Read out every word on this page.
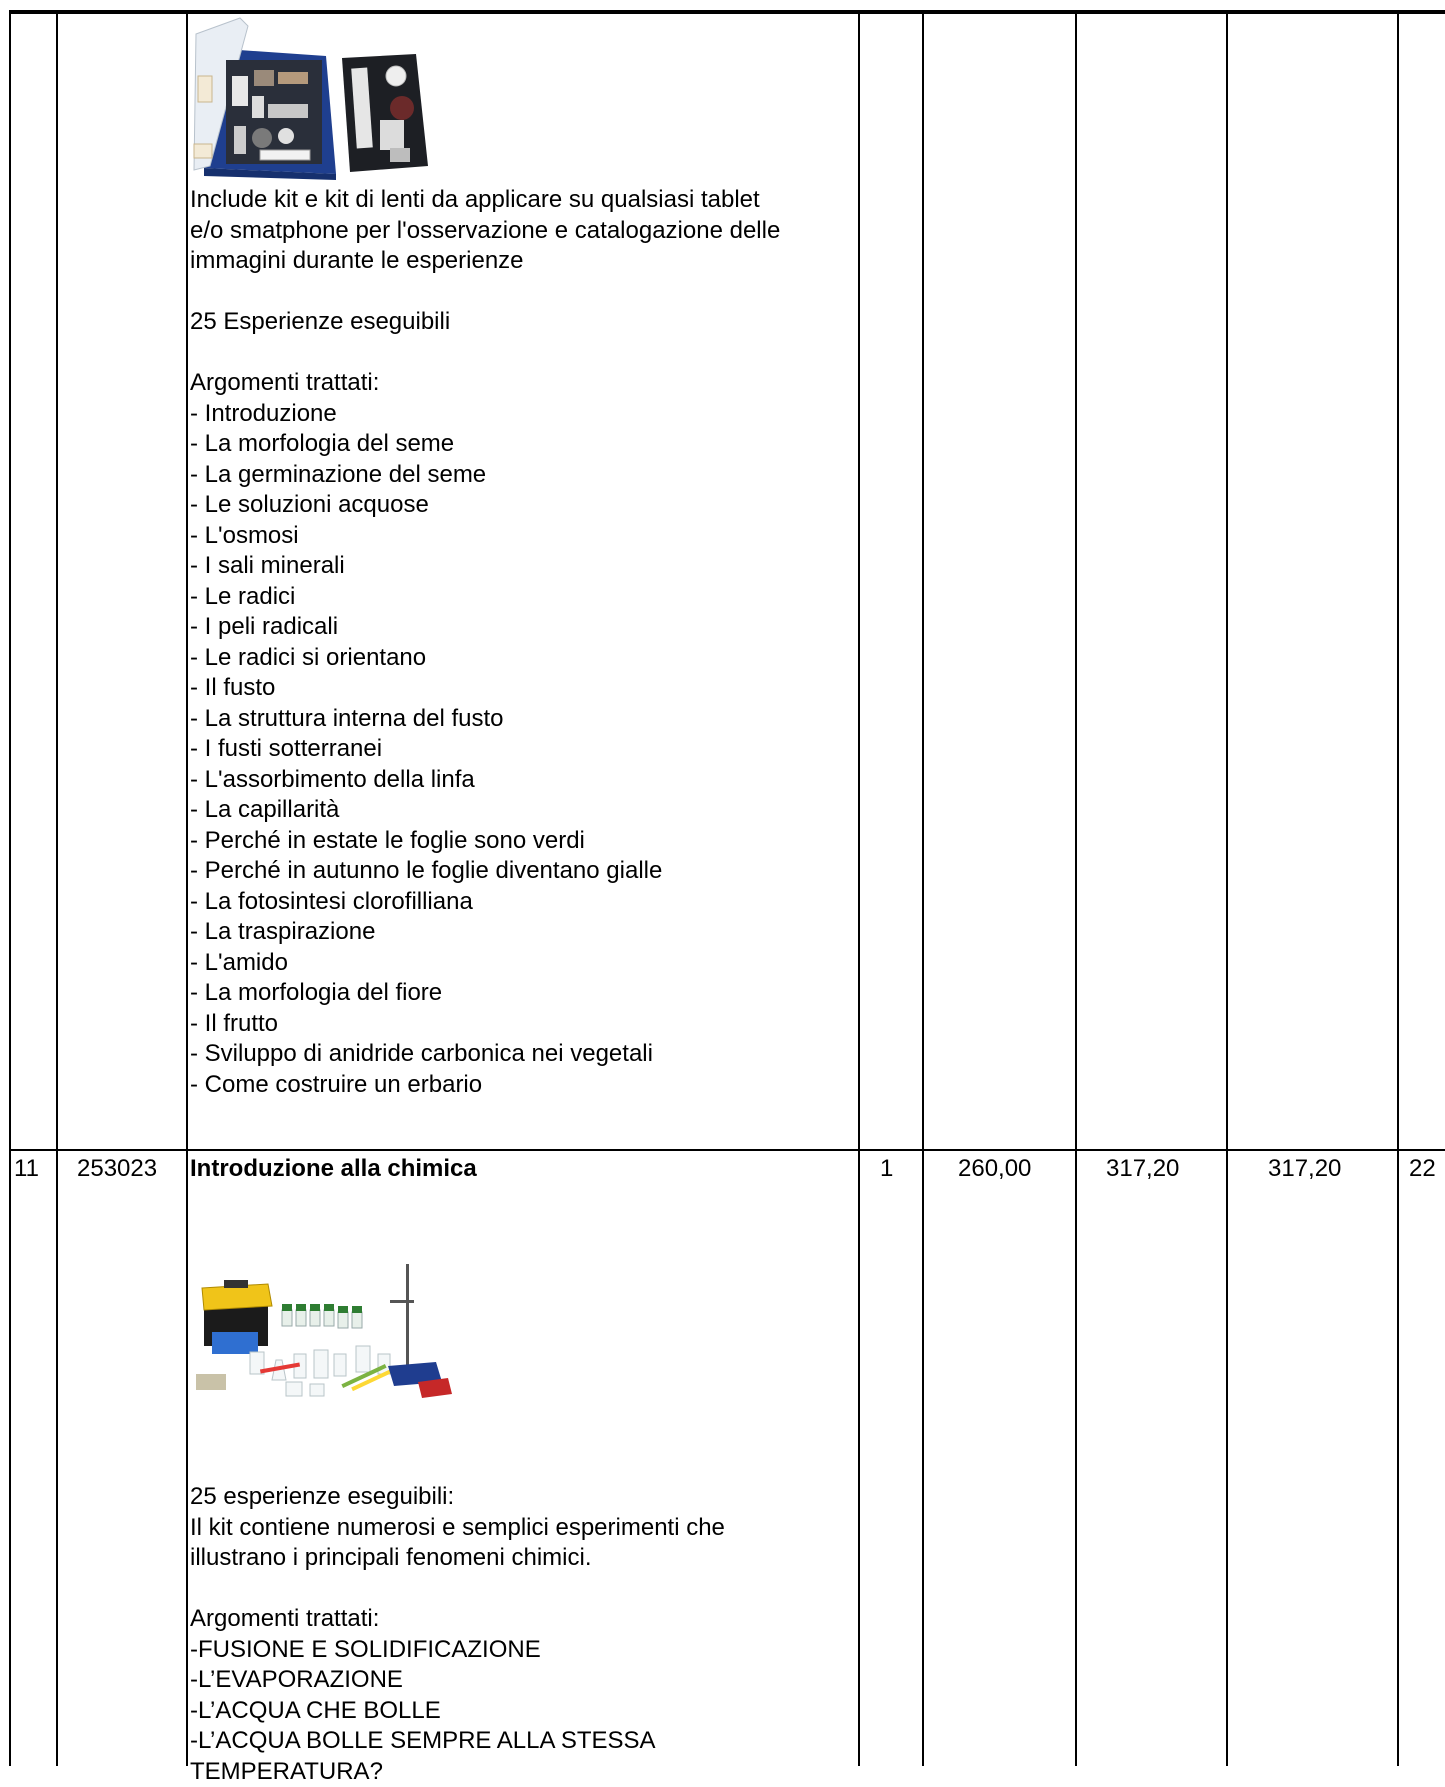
Include kit e kit di lenti da applicare su qualsiasi tablet
e/o smatphone per l'osservazione e catalogazione delle
immagini durante le esperienze

25 Esperienze eseguibili

Argomenti trattati:
- Introduzione
- La morfologia del seme
- La germinazione del seme
- Le soluzioni acquose
- L'osmosi
- I sali minerali
- Le radici
- I peli radicali
- Le radici si orientano
- Il fusto
- La struttura interna del fusto
- I fusti sotterranei
- L'assorbimento della linfa
- La capillarità
- Perché in estate le foglie sono verdi
- Perché in autunno le foglie diventano gialle
- La fotosintesi clorofilliana
- La traspirazione
- L'amido
- La morfologia del fiore
- Il frutto
- Sviluppo di anidride carbonica nei vegetali
- Come costruire un erbario
11 253023 Introduzione alla chimica	1	260,00	317,20	317,20	22
25 esperienze eseguibili:
Il kit contiene numerosi e semplici esperimenti che
illustrano i principali fenomeni chimici.

Argomenti trattati:
-FUSIONE E SOLIDIFICAZIONE
-L’EVAPORAZIONE
-L’ACQUA CHE BOLLE
-L’ACQUA BOLLE SEMPRE ALLA STESSA
TEMPERATURA?
